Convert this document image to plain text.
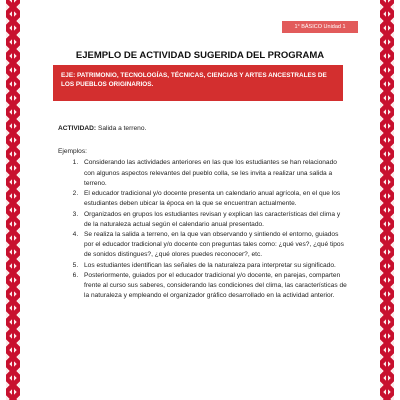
1° BÁSICO Unidad 1
EJEMPLO DE ACTIVIDAD SUGERIDA DEL PROGRAMA
EJE: PATRIMONIO, TECNOLOGÍAS, TÉCNICAS, CIENCIAS Y ARTES ANCESTRALES DE LOS PUEBLOS ORIGINARIOS.

ACTIVIDAD: Salida a terreno.

Ejemplos:

1. Considerando las actividades anteriores en las que los estudiantes se han relacionado con algunos aspectos relevantes del pueblo colla, se les invita a realizar una salida a terreno.
2. El educador tradicional y/o docente presenta un calendario anual agrícola, en el que los estudiantes deben ubicar la época en la que se encuentran actualmente.
3. Organizados en grupos los estudiantes revisan y explican las características del clima y de la naturaleza actual según el calendario anual presentado.
4. Se realiza la salida a terreno, en la que van observando y sintiendo el entorno, guiados por el educador tradicional y/o docente con preguntas tales como: ¿qué ves?, ¿qué tipos de sonidos distingues?, ¿qué olores puedes reconocer?, etc.
5. Los estudiantes identifican las señales de la naturaleza para interpretar su significado.
6. Posteriormente, guiados por el educador tradicional y/o docente, en parejas, comparten frente al curso sus saberes, considerando las condiciones del clima, las características de la naturaleza y empleando el organizador gráfico desarrollado en la actividad anterior.
